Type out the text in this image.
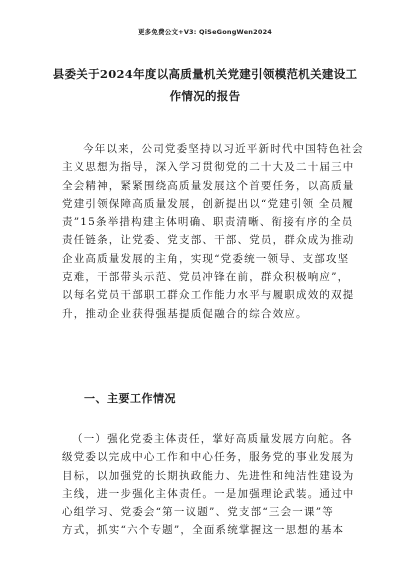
更多免费公文+V3: QiSeGongWen2024
县委关于2024年度以高质量机关党建引领模范机关建设工
作情况的报告
今年以来，公司党委坚持以习近平新时代中国特色社会
主义思想为指导，深入学习贯彻党的二十大及二十届三中
全会精神，紧紧围绕高质量发展这个首要任务，以高质量
党建引领保障高质量发展，创新提出以“党建引领 全员履
责”15条举措构建主体明确、职责清晰、衔接有序的全员
责任链条，让党委、党支部、干部、党员，群众成为推动
企业高质量发展的主角，实现“党委统一领导、支部攻坚
克难，干部带头示范、党员冲锋在前，群众积极响应”，
以每名党员干部职工群众工作能力水平与履职成效的双提
升，推动企业获得强基提质促融合的综合效应。
一、主要工作情况
（一）强化党委主体责任，掌好高质量发展方向舵。各
级党委以完成中心工作和中心任务，服务党的事业发展为
目标，以加强党的长期执政能力、先进性和纯洁性建设为
主线，进一步强化主体责任。一是加强理论武装。通过中
心组学习、党委会“第一议题”、党支部“三会一课”等
方式，抓实“六个专题”，全面系统掌握这一思想的基本
